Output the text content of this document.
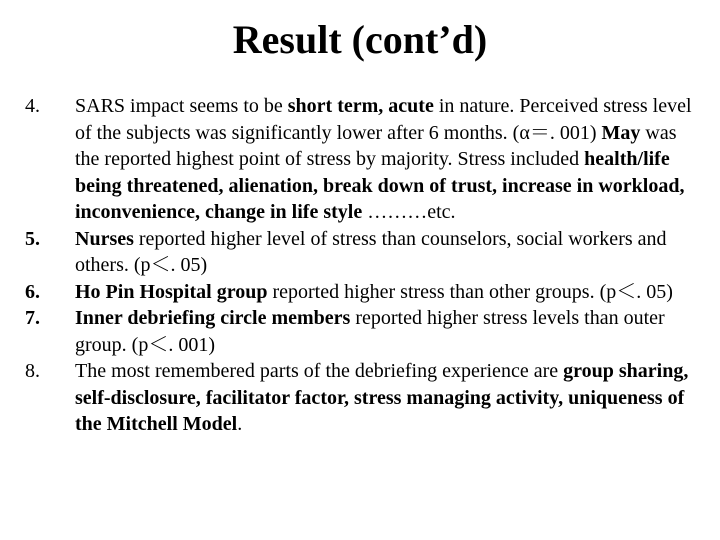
Result (cont’d)
4.	SARS impact seems to be short term, acute in nature. Perceived stress level of the subjects was significantly lower after 6 months. (α＝. 001) May was the reported highest point of stress by majority. Stress included health/life being threatened, alienation, break down of trust, increase in workload, inconvenience, change in life style ………etc.
5.	Nurses reported higher level of stress than counselors, social workers and others. (p＜. 05)
6.	Ho Pin Hospital group reported higher stress than other groups. (p＜. 05)
7.	Inner debriefing circle members reported higher stress levels than outer group. (p＜. 001)
8.	The most remembered parts of the debriefing experience are group sharing, self-disclosure, facilitator factor, stress managing activity, uniqueness of the Mitchell Model.
